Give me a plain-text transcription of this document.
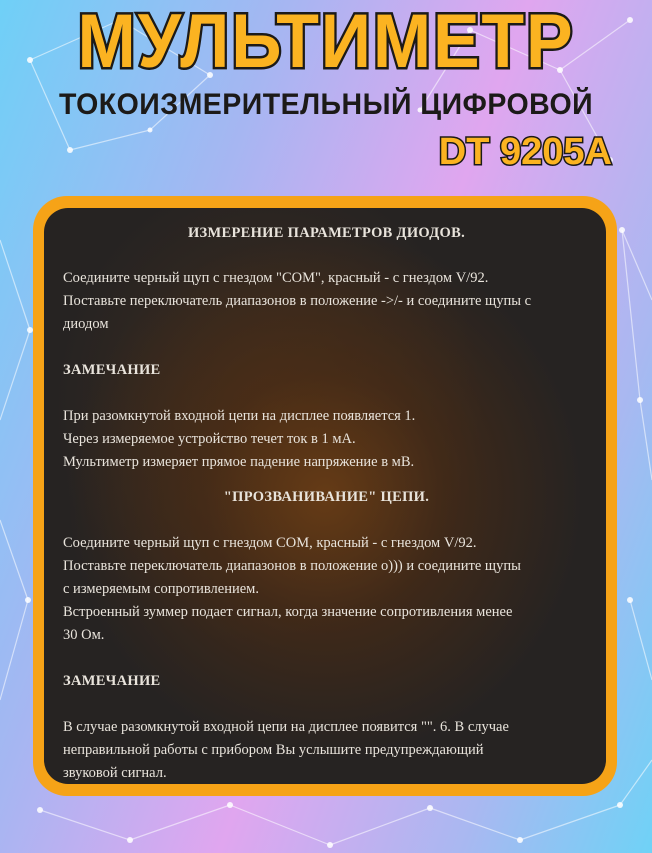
МУЛЬТИМЕТР
ТОКОИЗМЕРИТЕЛЬНЫЙ ЦИФРОВОЙ
DT 9205A

ИЗМЕРЕНИЕ ПАРАМЕТРОВ ДИОДОВ.

Соедините черный щуп с гнездом "СОМ", красный - с гнездом V/92.

Поставьте переключатель диапазонов в положение ->/- и соедините щупы с

диодом

ЗАМЕЧАНИЕ

При разомкнутой входной цепи на дисплее появляется 1.

Через измеряемое устройство течет ток в 1 мА.

Мультиметр измеряет прямое падение напряжение в мВ.

"ПРОЗВАНИВАНИЕ" ЦЕПИ.

Соедините черный щуп с гнездом СОМ, красный - с гнездом V/92.

Поставьте переключатель диапазонов в положение о))) и соедините щупы

с измеряемым сопротивлением.

Встроенный зуммер подает сигнал, когда значение сопротивления менее

30 Ом.

ЗАМЕЧАНИЕ

В случае разомкнутой входной цепи на дисплее появится "". 6. В случае

неправильной работы с прибором Вы услышите предупреждающий

звуковой сигнал.
